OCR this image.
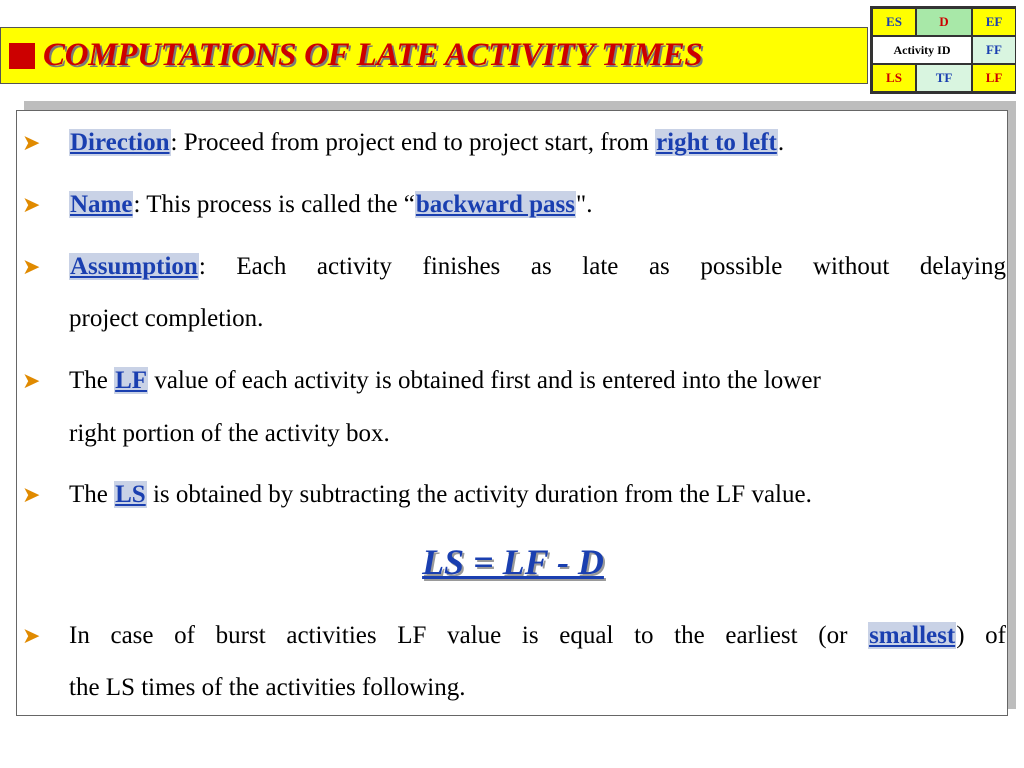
COMPUTATIONS OF LATE ACTIVITY TIMES
ES	D	EF
Activity ID	FF
LS	TF	LF
➤ Direction: Proceed from project end to project start, from right to left.
➤ Name: This process is called the “backward pass".
➤ Assumption: Each activity finishes as late as possible without delaying
project completion.
➤ The LF value of each activity is obtained first and is entered into the lower
right portion of the activity box.
➤ The LS is obtained by subtracting the activity duration from the LF value.
LS = LF - D
➤ In case of burst activities LF value is equal to the earliest (or smallest) of
the LS times of the activities following.
